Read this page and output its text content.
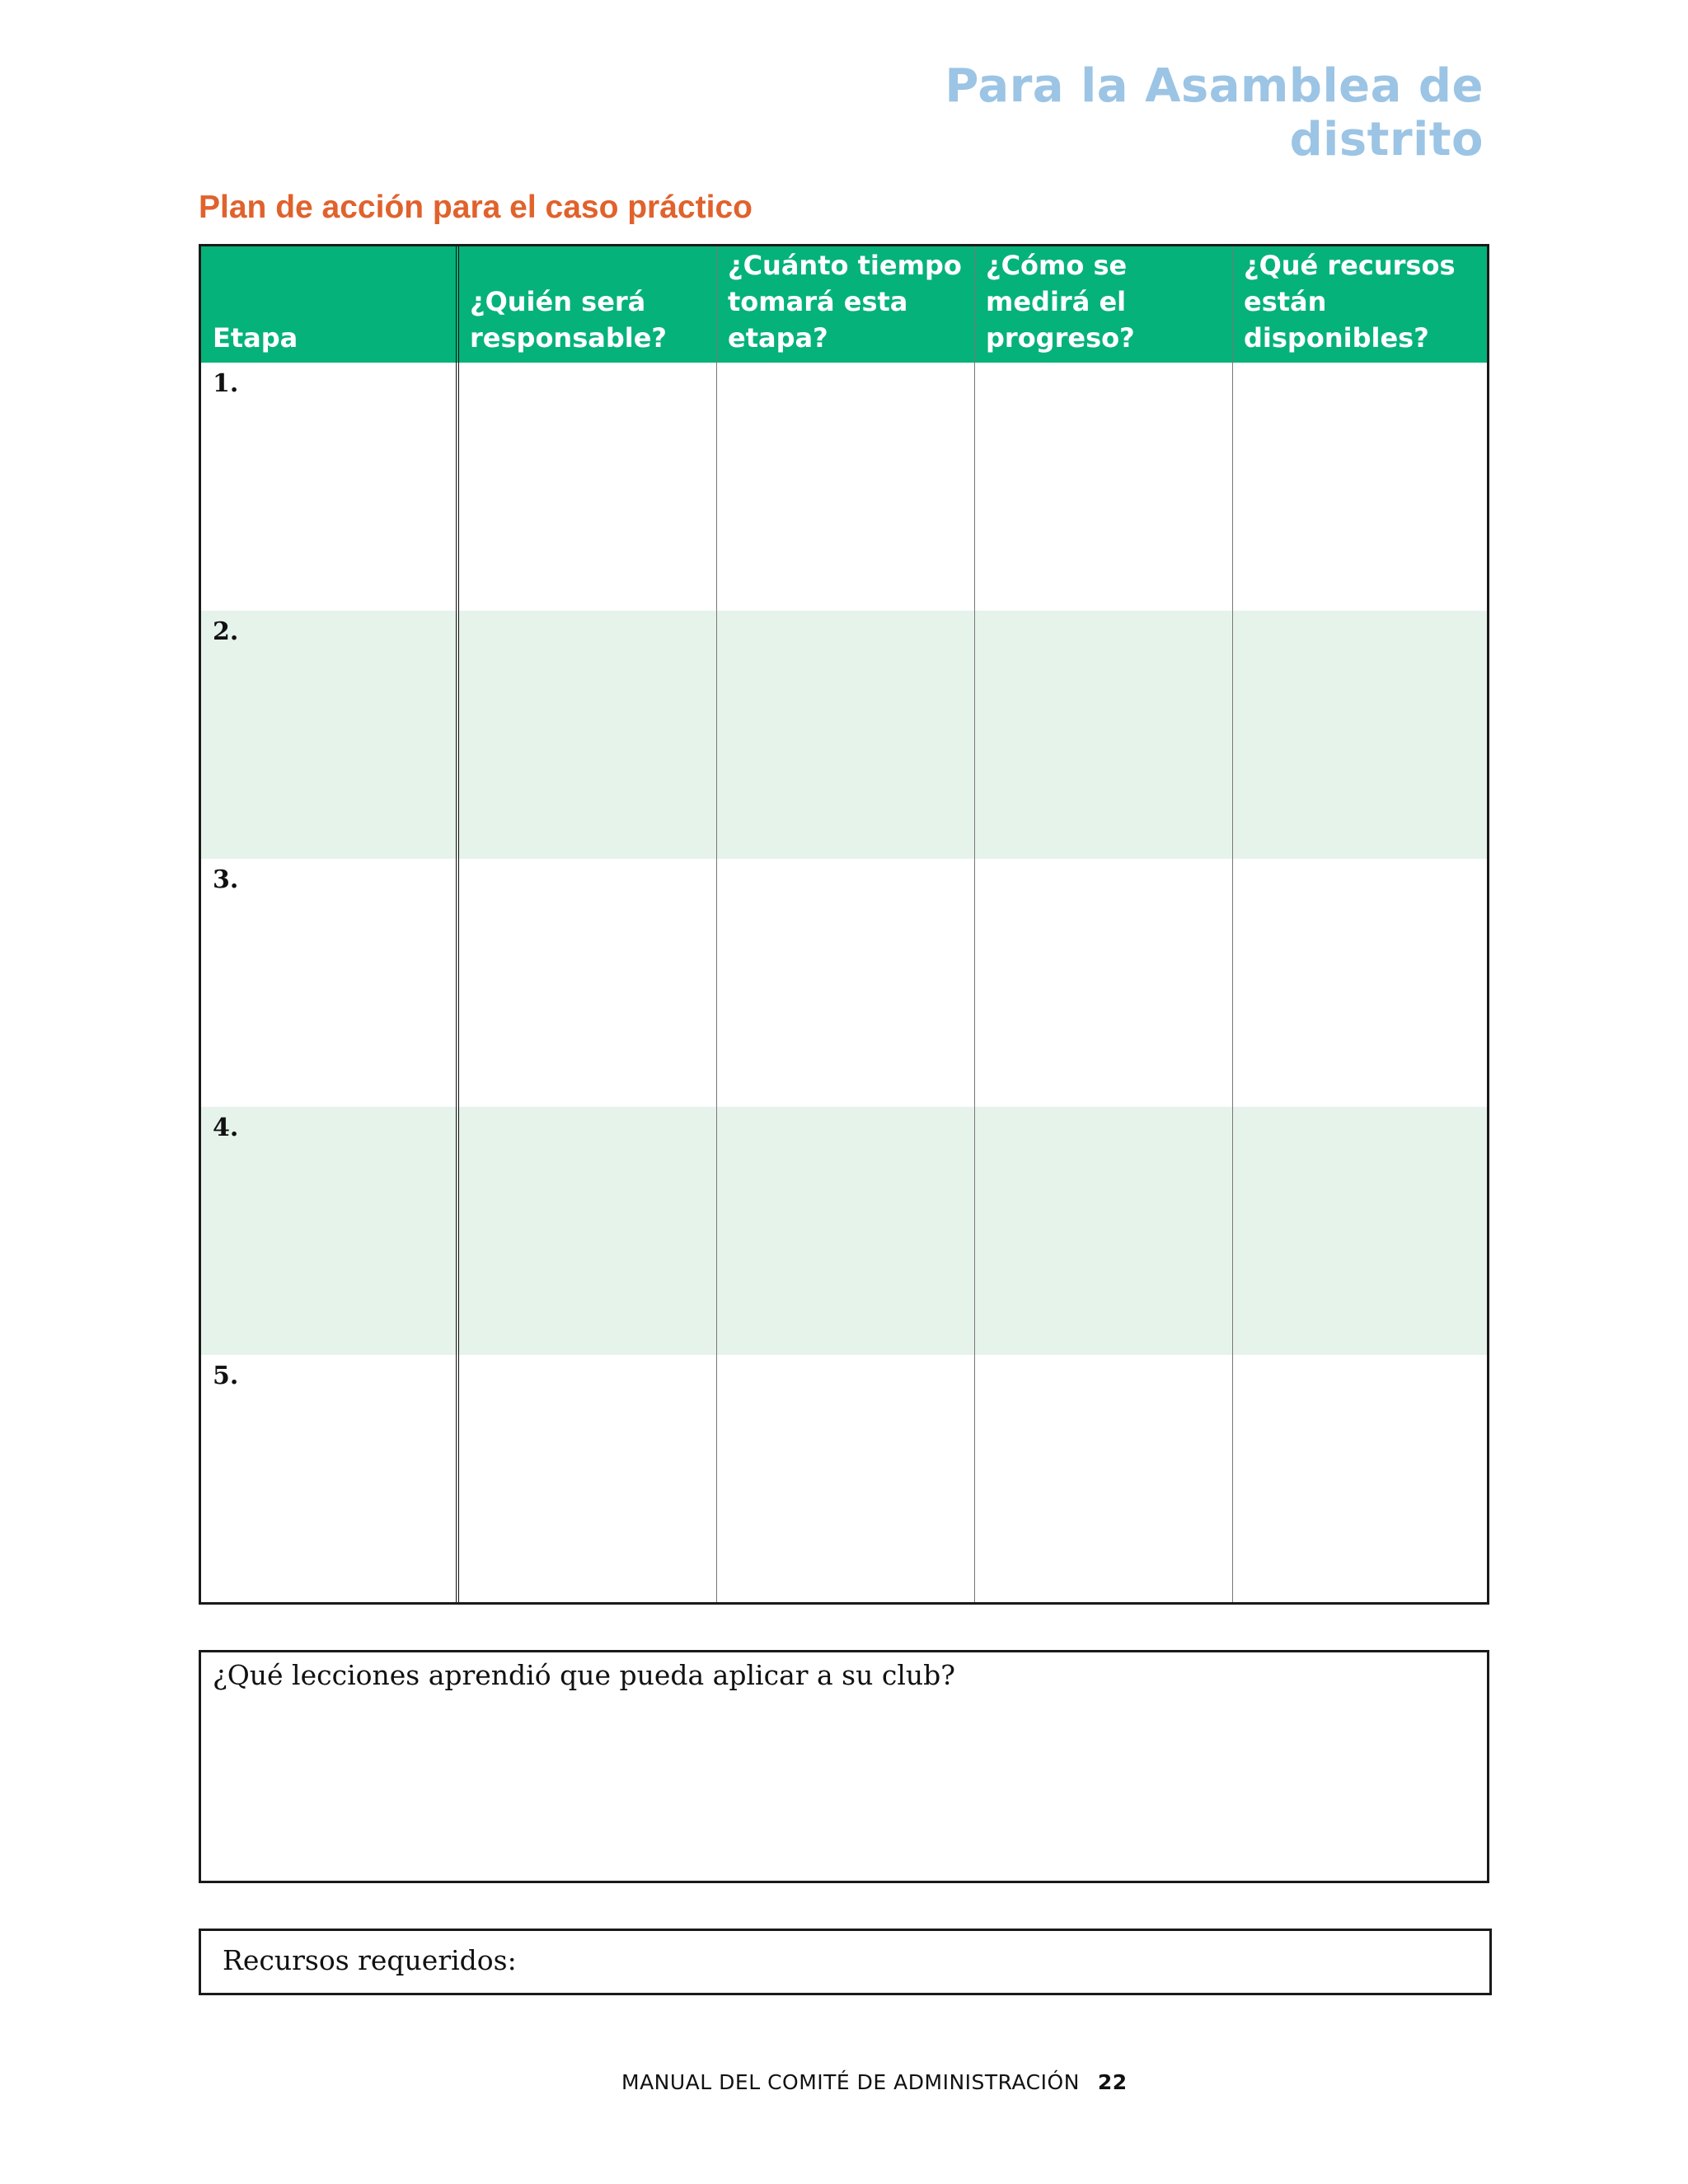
Para la Asamblea de distrito
Plan de acción para el caso práctico
Etapa
¿Quién será responsable?
¿Cuánto tiempo tomará esta etapa?
¿Cómo se medirá el progreso?
¿Qué recursos están disponibles?
1.
2.
3.
4.
5.
¿Qué lecciones aprendió que pueda aplicar a su club?
Recursos requeridos:
MANUAL DEL COMITÉ DE ADMINISTRACIÓN 22
